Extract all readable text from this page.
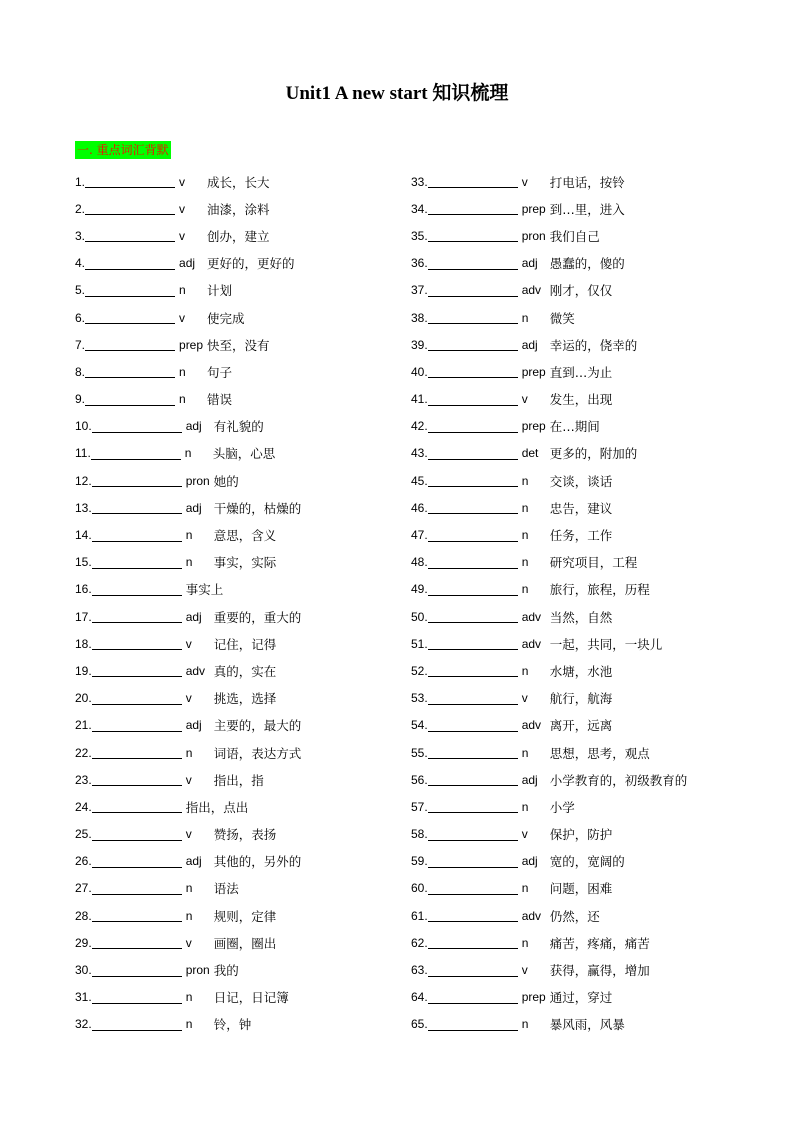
Unit1 A new start 知识梳理
一. 重点词汇背默
1.	v	成长，长大
2.	v	油漆，涂料
3.	v	创办，建立
4.	adj 更好的，更好的
5.	n	计划
6.	v	使完成
7.	prep 快至，没有
8.	n	句子
9.	n	错误
10.	adj 有礼貌的
11.	n	头脑，心思
12.	pron 她的
13.	adj 干燥的，枯燥的
14.	n	意思，含义
15.	n	事实，实际
16.	事实上
17.	adj 重要的，重大的
18.	v	记住，记得
19.	adv 真的，实在
20.	v	挑选，选择
21.	adj 主要的，最大的
22.	n	词语，表达方式
23.	v	指出，指
24.	指出，点出
25.	v	赞扬，表扬
26.	adj 其他的，另外的
27.	n	语法
28.	n	规则，定律
29.	v	画圈，圈出
30.	pron 我的
31.	n	日记，日记簿
32.	n	铃，钟
33.	v	打电话，按铃
34.	prep 到…里，进入
35.	pron 我们自己
36.	adj 愚蠢的，傻的
37.	adv 刚才，仅仅
38.	n	微笑
39.	adj 幸运的，侥幸的
40.	prep 直到…为止
41.	v	发生，出现
42.	prep 在…期间
43.	det 更多的，附加的
45.	n	交谈，谈话
46.	n	忠告，建议
47.	n	任务，工作
48.	n	研究项目，工程
49.	n	旅行，旅程，历程
50.	adv 当然，自然
51.	adv 一起，共同，一块儿
52.	n	水塘，水池
53.	v	航行，航海
54.	adv 离开，远离
55.	n	思想，思考，观点
56.	adj 小学教育的，初级教育的
57.	n	小学
58.	v	保护，防护
59.	adj 宽的，宽阔的
60.	n	问题，困难
61.	adv 仍然，还
62.	n	痛苦，疼痛，痛苦
63.	v	获得，赢得，增加
64.	prep 通过，穿过
65.	n	暴风雨，风暴
